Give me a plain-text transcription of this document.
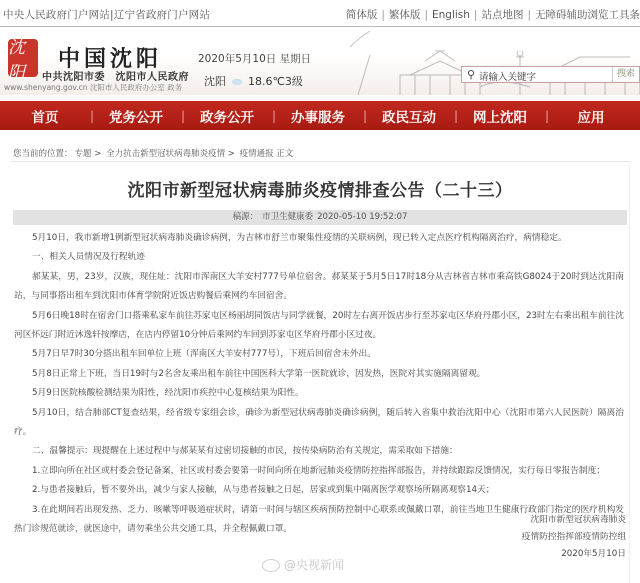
中央人民政府门户网站|辽宁省政府门户网站	简体版 | 繁体版 | English | 站点地图 | 无障碍辅助浏览工具条
沈阳
中国沈阳
中共沈阳市委　沈阳市人民政府
www.shenyang.gov.cn 沈阳市人民政府办公室 政务
2020年5月10日 星期日
沈阳 18.6℃3级
⚲ 请输入关键字	搜索
首页	|	党务公开	|	政务公开	|	办事服务	|	政民互动	|	网上沈阳	|	应用
您当前的位置： 专题 > 全力抗击新型冠状病毒肺炎疫情 > 疫情通报 正文
沈阳市新型冠状病毒肺炎疫情排查公告（二十三）
稿源： 市卫生健康委 2020-05-10 19:52:07

5月10日，我市新增1例新型冠状病毒肺炎确诊病例，为吉林市舒兰市聚集性疫情的关联病例，现已转入定点医疗机构隔离治疗，病情稳定。

一、相关人员情况及行程轨迹

郝某某，男，23岁，汉族，现住址：沈阳市浑南区大羊安村777号单位宿舍。郝某某于5月5日17时18分从吉林省吉林市乘高铁G8024于20时到达沈阳南站，与同事搭出租车到沈阳市体育学院附近饭店购餐后乘网约车回宿舍。

5月6日晚18时在宿舍门口搭乘私家车前往苏家屯区杨丽胡同饭店与同学就餐，20时左右离开饭店步行至苏家屯区华府丹郡小区，23时左右乘出租车前往沈河区怀远门附近沐逸轩按摩店，在店内停留10分钟后乘网约车回到苏家屯区华府丹郡小区过夜。

5月7日早7时30分搭出租车回单位上班（浑南区大羊安村777号），下班后回宿舍未外出。

5月8日正常上下班，当日19时与2名舍友乘出租车前往中国医科大学第一医院就诊，因发热，医院对其实施隔离留观。

5月9日医院核酸检测结果为阳性，经沈阳市疾控中心复核结果为阳性。

5月10日，结合肺部CT复查结果，经省级专家组会诊，确诊为新型冠状病毒肺炎确诊病例，随后转入省集中救治沈阳中心（沈阳市第六人民医院）隔离治疗。

二、温馨提示：现提醒在上述过程中与郝某某有过密切接触的市民，按传染病防治有关规定，需采取如下措施：

1.立即向所在社区或村委会登记备案，社区或村委会要第一时间向所在地新冠肺炎疫情防控指挥部报告，并持续跟踪反馈情况，实行每日零报告制度；

2.与患者接触后，暂不要外出，减少与家人接触，从与患者接触之日起，居家或到集中隔离医学观察场所隔离观察14天；

3.在此期间若出现发热、乏力、咳嗽等呼吸道症状时，请第一时间与辖区疾病预防控制中心联系或佩戴口罩，前往当地卫生健康行政部门指定的医疗机构发热门诊规范就诊，就医途中，请勿乘坐公共交通工具，并全程佩戴口罩。

沈阳市新型冠状病毒肺炎
疫情防控指挥部疫情防控组
2020年5月10日
@央视新闻
